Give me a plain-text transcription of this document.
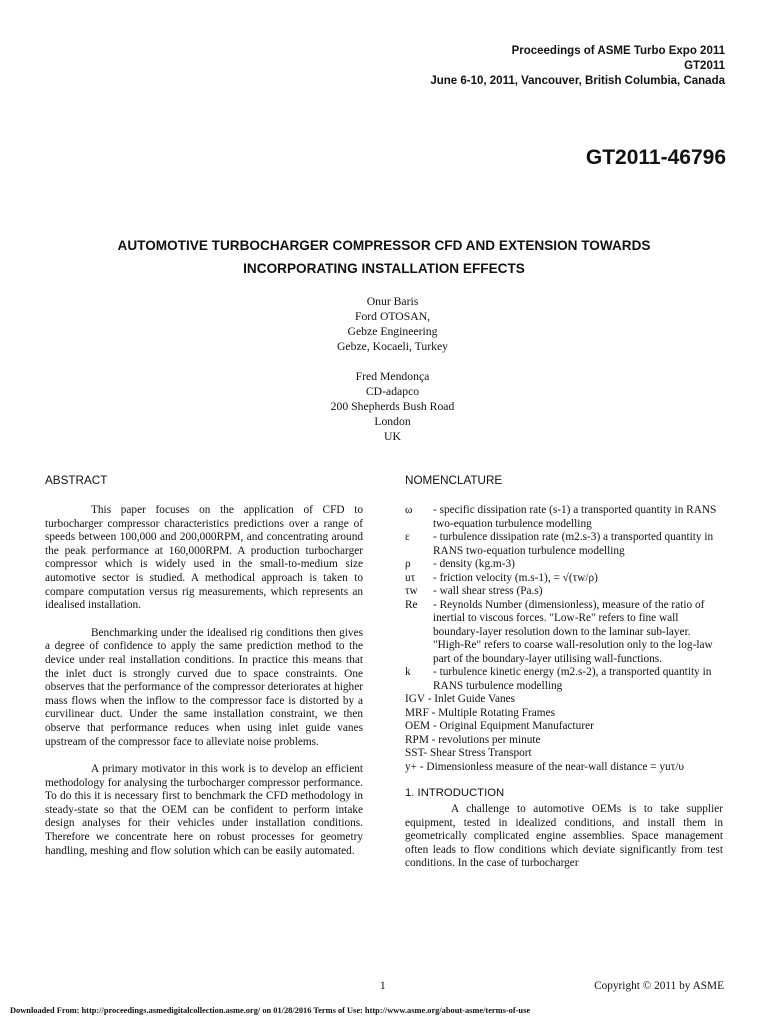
Proceedings of ASME Turbo Expo 2011
GT2011
June 6-10, 2011, Vancouver, British Columbia, Canada
GT2011-46796
AUTOMOTIVE TURBOCHARGER COMPRESSOR CFD AND EXTENSION TOWARDS
INCORPORATING INSTALLATION EFFECTS
Onur Baris
Ford OTOSAN,
Gebze Engineering
Gebze, Kocaeli, Turkey
Fred Mendonça
CD-adapco
200 Shepherds Bush Road
London
UK
ABSTRACT

This paper focuses on the application of CFD to turbocharger compressor characteristics predictions over a range of speeds between 100,000 and 200,000RPM, and concentrating around the peak performance at 160,000RPM. A production turbocharger compressor which is widely used in the small-to-medium size automotive sector is studied. A methodical approach is taken to compare computation versus rig measurements, which represents an idealised installation.

Benchmarking under the idealised rig conditions then gives a degree of confidence to apply the same prediction method to the device under real installation conditions. In practice this means that the inlet duct is strongly curved due to space constraints. One observes that the performance of the compressor deteriorates at higher mass flows when the inflow to the compressor face is distorted by a curvilinear duct. Under the same installation constraint, we then observe that performance reduces when using inlet guide vanes upstream of the compressor face to alleviate noise problems.

A primary motivator in this work is to develop an efficient methodology for analysing the turbocharger compressor performance. To do this it is necessary first to benchmark the CFD methodology in steady-state so that the OEM can be confident to perform intake design analyses for their vehicles under installation conditions. Therefore we concentrate here on robust processes for geometry handling, meshing and flow solution which can be easily automated.

NOMENCLATURE
ω	- specific dissipation rate (s-1) a transported quantity in RANS two-equation turbulence modelling
ε	- turbulence dissipation rate (m2.s-3) a transported quantity in RANS two-equation turbulence modelling
ρ	- density (kg.m-3)
uτ	- friction velocity (m.s-1), = √(τw/ρ)
τw	- wall shear stress (Pa.s)
Re	- Reynolds Number (dimensionless), measure of the ratio of inertial to viscous forces. "Low-Re" refers to fine wall boundary-layer resolution down to the laminar sub-layer. "High-Re" refers to coarse wall-resolution only to the log-law part of the boundary-layer utilising wall-functions.
k	- turbulence kinetic energy (m2.s-2), a transported quantity in RANS turbulence modelling
IGV - Inlet Guide Vanes
MRF - Multiple Rotating Frames
OEM - Original Equipment Manufacturer
RPM - revolutions per minute
SST- Shear Stress Transport
y+ - Dimensionless measure of the near-wall distance = yuτ/υ
1. INTRODUCTION

A challenge to automotive OEMs is to take supplier equipment, tested in idealized conditions, and install them in geometrically complicated engine assemblies. Space management often leads to flow conditions which deviate significantly from test conditions. In the case of turbocharger

1	Copyright © 2011 by ASME
Downloaded From: http://proceedings.asmedigitalcollection.asme.org/ on 01/28/2016 Terms of Use: http://www.asme.org/about-asme/terms-of-use
